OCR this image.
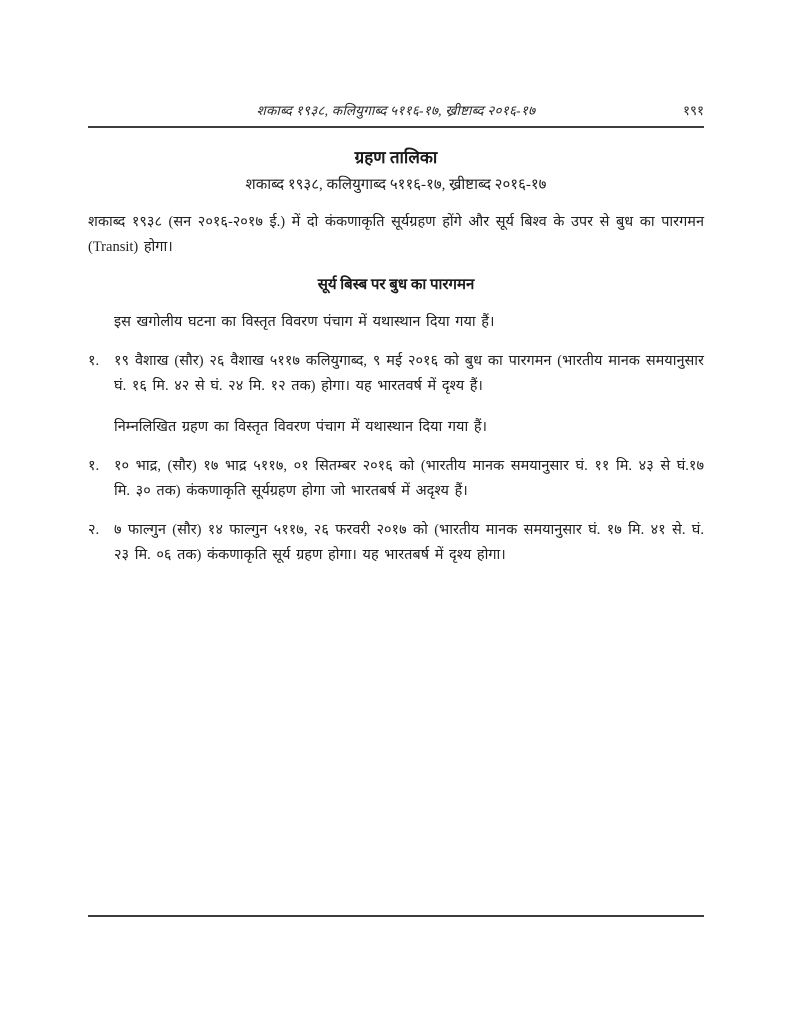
शकाब्द १९३८, कलियुगाब्द ५११६-१७, ख्रीष्टाब्द २०१६-१७	१९१
ग्रहण तालिका
शकाब्द १९३८, कलियुगाब्द ५११६-१७, ख्रीष्टाब्द २०१६-१७

शकाब्द १९३८ (सन २०१६-२०१७ ई.) में दो कंकणाकृति सूर्यग्रहण होंगे और सूर्य बिश्व के उपर से बुध का पारगमन (Transit) होगा।

सूर्य बिस्ब पर बुध का पारगमन

इस खगोलीय घटना का विस्तृत विवरण पंचाग में यथास्थान दिया गया हैं।

१.	१९ वैशाख (सौर) २६ वैशाख ५११७ कलियुगाब्द, ९ मई २०१६ को बुध का पारगमन (भारतीय मानक समयानुसार घं. १६ मि. ४२ से घं. २४ मि. १२ तक) होगा। यह भारतवर्ष में दृश्य हैं।

निम्नलिखित ग्रहण का विस्तृत विवरण पंचाग में यथास्थान दिया गया हैं।

१.	१० भाद्र, (सौर) १७ भाद्र ५११७, ०१ सितम्बर २०१६ को (भारतीय मानक समयानुसार घं. ११ मि. ४३ से घं.१७ मि. ३० तक) कंकणाकृति सूर्यग्रहण होगा जो भारतबर्ष में अदृश्य हैं।
२.	७ फाल्गुन (सौर) १४ फाल्गुन ५११७, २६ फरवरी २०१७ को (भारतीय मानक समयानुसार घं. १७ मि. ४१ से. घं. २३ मि. ०६ तक) कंकणाकृति सूर्य ग्रहण होगा। यह भारतबर्ष में दृश्य होगा।
